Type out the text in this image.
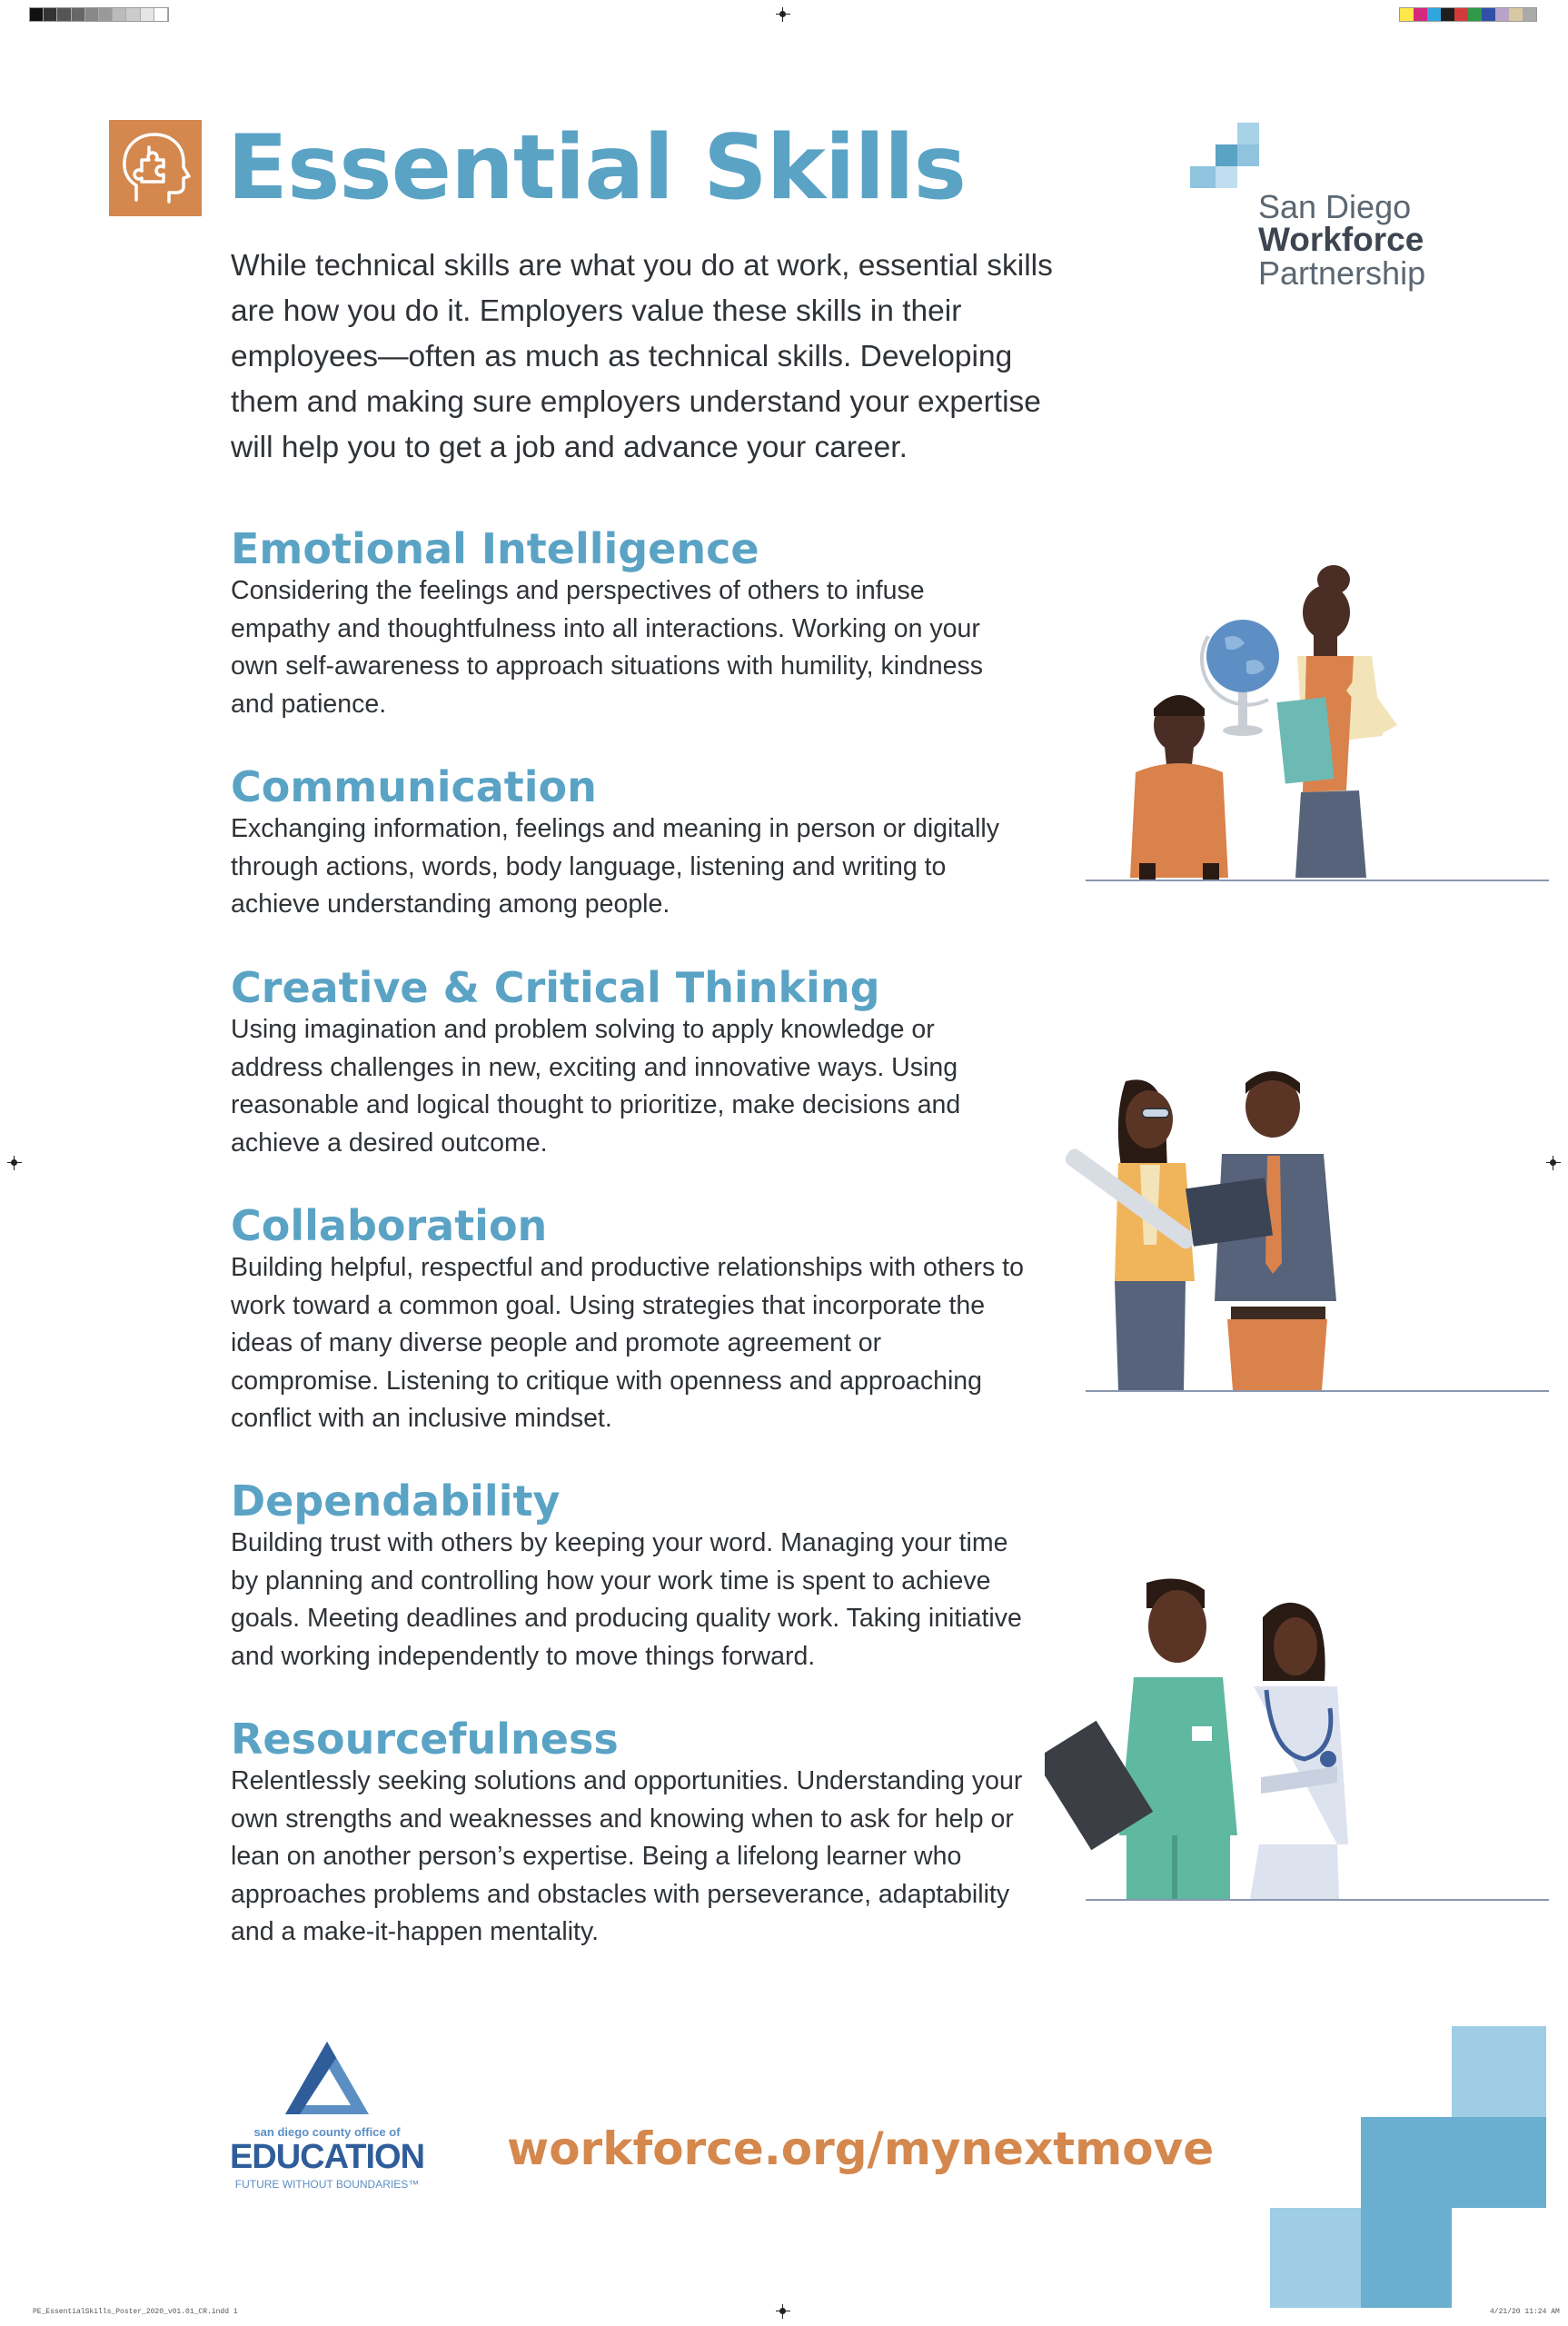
PE_EssentialSkills_Poster_2020_v01.01_CR.indd 1	4/21/20 11:24 AM
Essential Skills

While technical skills are what you do at work, essential skills are how you do it. Employers value these skills in their employees—often as much as technical skills. Developing them and making sure employers understand your expertise will help you to get a job and advance your career.

San Diego
Workforce
Partnership
Emotional Intelligence

Considering the feelings and perspectives of others to infuse empathy and thoughtfulness into all interactions. Working on your own self-awareness to approach situations with humility, kindness and patience.

Communication

Exchanging information, feelings and meaning in person or digitally through actions, words, body language, listening and writing to achieve understanding among people.

Creative & Critical Thinking

Using imagination and problem solving to apply knowledge or address challenges in new, exciting and innovative ways. Using reasonable and logical thought to prioritize, make decisions and achieve a desired outcome.

Collaboration

Building helpful, respectful and productive relationships with others to work toward a common goal. Using strategies that incorporate the ideas of many diverse people and promote agreement or compromise. Listening to critique with openness and approaching conflict with an inclusive mindset.

Dependability

Building trust with others by keeping your word. Managing your time by planning and controlling how your work time is spent to achieve goals. Meeting deadlines and producing quality work. Taking initiative and working independently to move things forward.

Resourcefulness

Relentlessly seeking solutions and opportunities. Understanding your own strengths and weaknesses and knowing when to ask for help or lean on another person’s expertise. Being a lifelong learner who approaches problems and obstacles with perseverance, adaptability and a make-it-happen mentality.

san diego county office of
EDUCATION
FUTURE WITHOUT BOUNDARIES™

workforce.org/mynextmove
